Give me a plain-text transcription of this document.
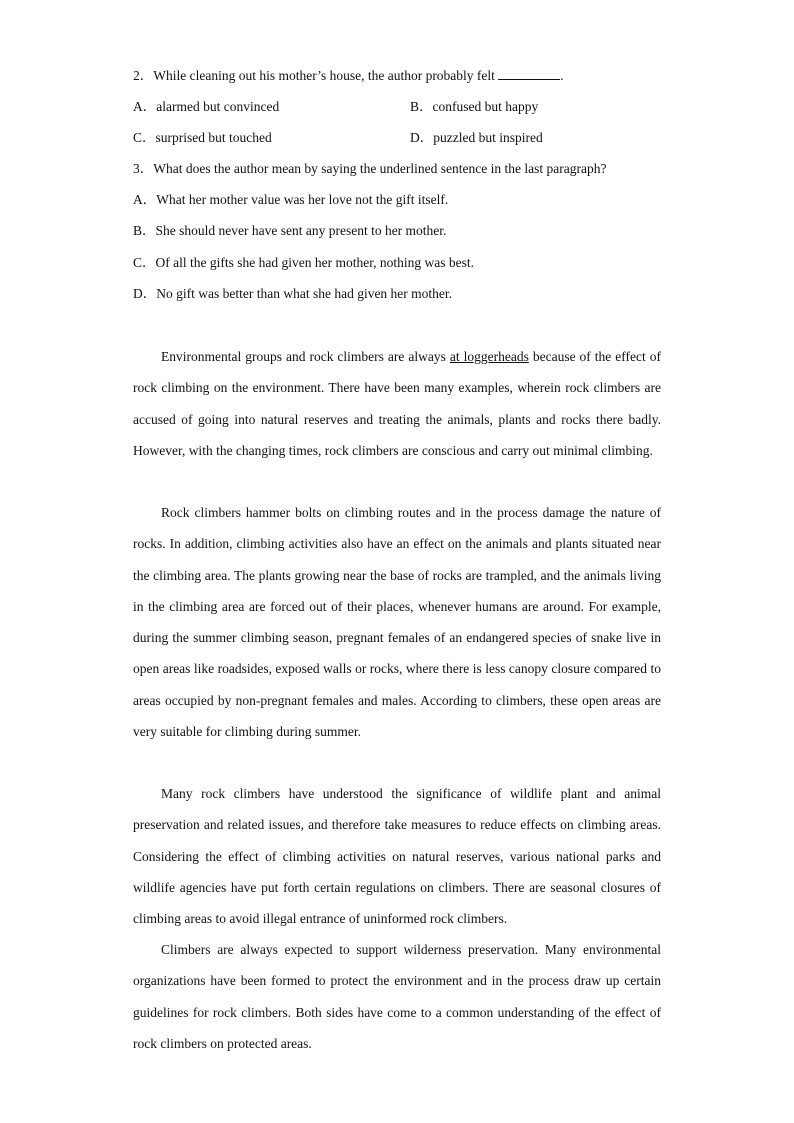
2．While cleaning out his mother’s house, the author probably felt	.
A．alarmed but convinced	B．confused but happy
C．surprised but touched	D．puzzled but inspired
3．What does the author mean by saying the underlined sentence in the last paragraph?
A．What her mother value was her love not the gift itself.
B．She should never have sent any present to her mother.
C．Of all the gifts she had given her mother, nothing was best.
D．No gift was better than what she had given her mother.
Environmental groups and rock climbers are always at loggerheads because of the effect of rock climbing on the environment. There have been many examples, wherein rock climbers are accused of going into natural reserves and treating the animals, plants and rocks there badly. However, with the changing times, rock climbers are conscious and carry out minimal climbing.
Rock climbers hammer bolts on climbing routes and in the process damage the nature of rocks. In addition, climbing activities also have an effect on the animals and plants situated near the climbing area. The plants growing near the base of rocks are trampled, and the animals living in the climbing area are forced out of their places, whenever humans are around. For example, during the summer climbing season, pregnant females of an endangered species of snake live in open areas like roadsides, exposed walls or rocks, where there is less canopy closure compared to areas occupied by non-pregnant females and males. According to climbers, these open areas are very suitable for climbing during summer.
Many rock climbers have understood the significance of wildlife plant and animal preservation and related issues, and therefore take measures to reduce effects on climbing areas. Considering the effect of climbing activities on natural reserves, various national parks and wildlife agencies have put forth certain regulations on climbers. There are seasonal closures of climbing areas to avoid illegal entrance of uninformed rock climbers.
Climbers are always expected to support wilderness preservation. Many environmental organizations have been formed to protect the environment and in the process draw up certain guidelines for rock climbers. Both sides have come to a common understanding of the effect of rock climbers on protected areas.
